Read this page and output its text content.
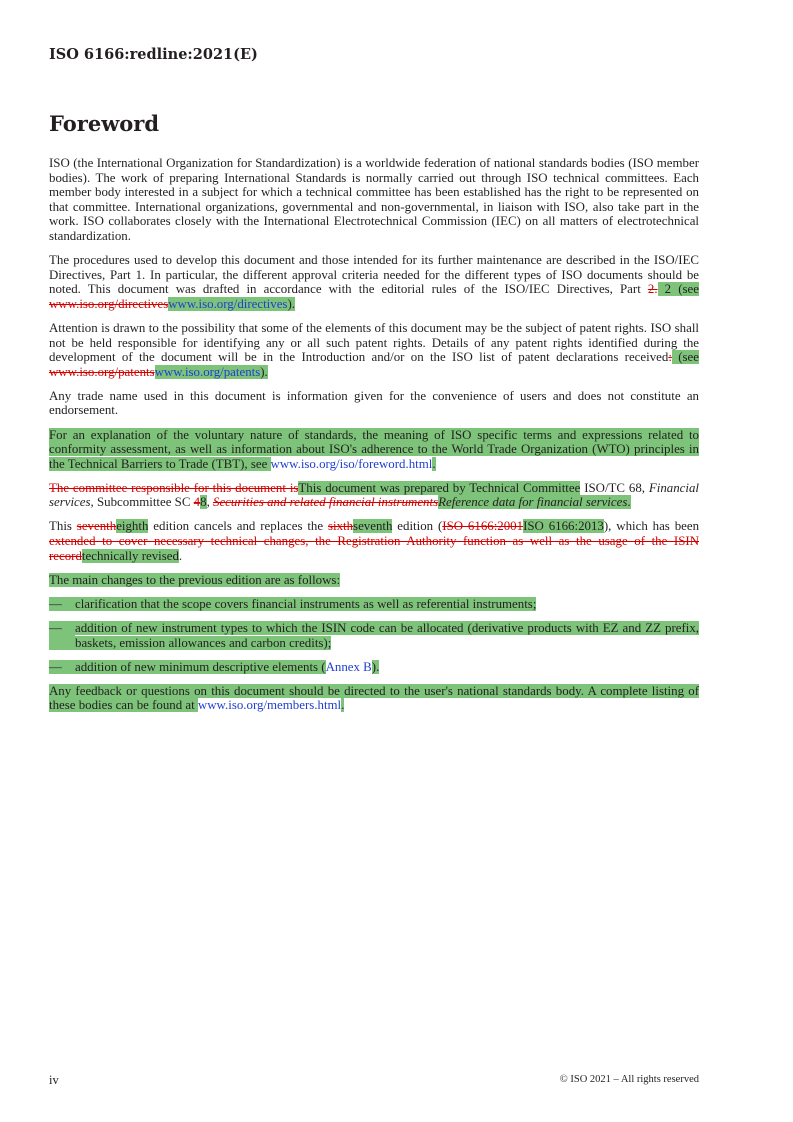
ISO 6166:redline:2021(E)
Foreword

ISO (the International Organization for Standardization) is a worldwide federation of national standards bodies (ISO member bodies). The work of preparing International Standards is normally carried out through ISO technical committees. Each member body interested in a subject for which a technical committee has been established has the right to be represented on that committee. International organizations, governmental and non-governmental, in liaison with ISO, also take part in the work. ISO collaborates closely with the International Electrotechnical Commission (IEC) on all matters of electrotechnical standardization.

The procedures used to develop this document and those intended for its further maintenance are described in the ISO/IEC Directives, Part 1. In particular, the different approval criteria needed for the different types of ISO documents should be noted. This document was drafted in accordance with the editorial rules of the ISO/IEC Directives, Part 2. 2 (see www.iso.org/directiveswww.iso.org/directives).

Attention is drawn to the possibility that some of the elements of this document may be the subject of patent rights. ISO shall not be held responsible for identifying any or all such patent rights. Details of any patent rights identified during the development of the document will be in the Introduction and/or on the ISO list of patent declarations received: (see www.iso.org/patentswww.iso.org/patents).

Any trade name used in this document is information given for the convenience of users and does not constitute an endorsement.

For an explanation of the voluntary nature of standards, the meaning of ISO specific terms and expressions related to conformity assessment, as well as information about ISO's adherence to the World Trade Organization (WTO) principles in the Technical Barriers to Trade (TBT), see www.iso.org/iso/foreword.html.

The committee responsible for this document isThis document was prepared by Technical Committee ISO/TC 68, Financial services, Subcommittee SC 48, Securities and related financial instrumentsReference data for financial services.

This seventheighth edition cancels and replaces the sixthseventh edition (ISO 6166:2001ISO 6166:2013), which has been extended to cover necessary technical changes, the Registration Authority function as well as the usage of the ISIN recordtechnically revised.

The main changes to the previous edition are as follows:

—	clarification that the scope covers financial instruments as well as referential instruments;

—	addition of new instrument types to which the ISIN code can be allocated (derivative products with EZ and ZZ prefix, baskets, emission allowances and carbon credits);

—	addition of new minimum descriptive elements (Annex B).

Any feedback or questions on this document should be directed to the user's national standards body. A complete listing of these bodies can be found at www.iso.org/members.html.

iv	© ISO 2021 – All rights reserved
